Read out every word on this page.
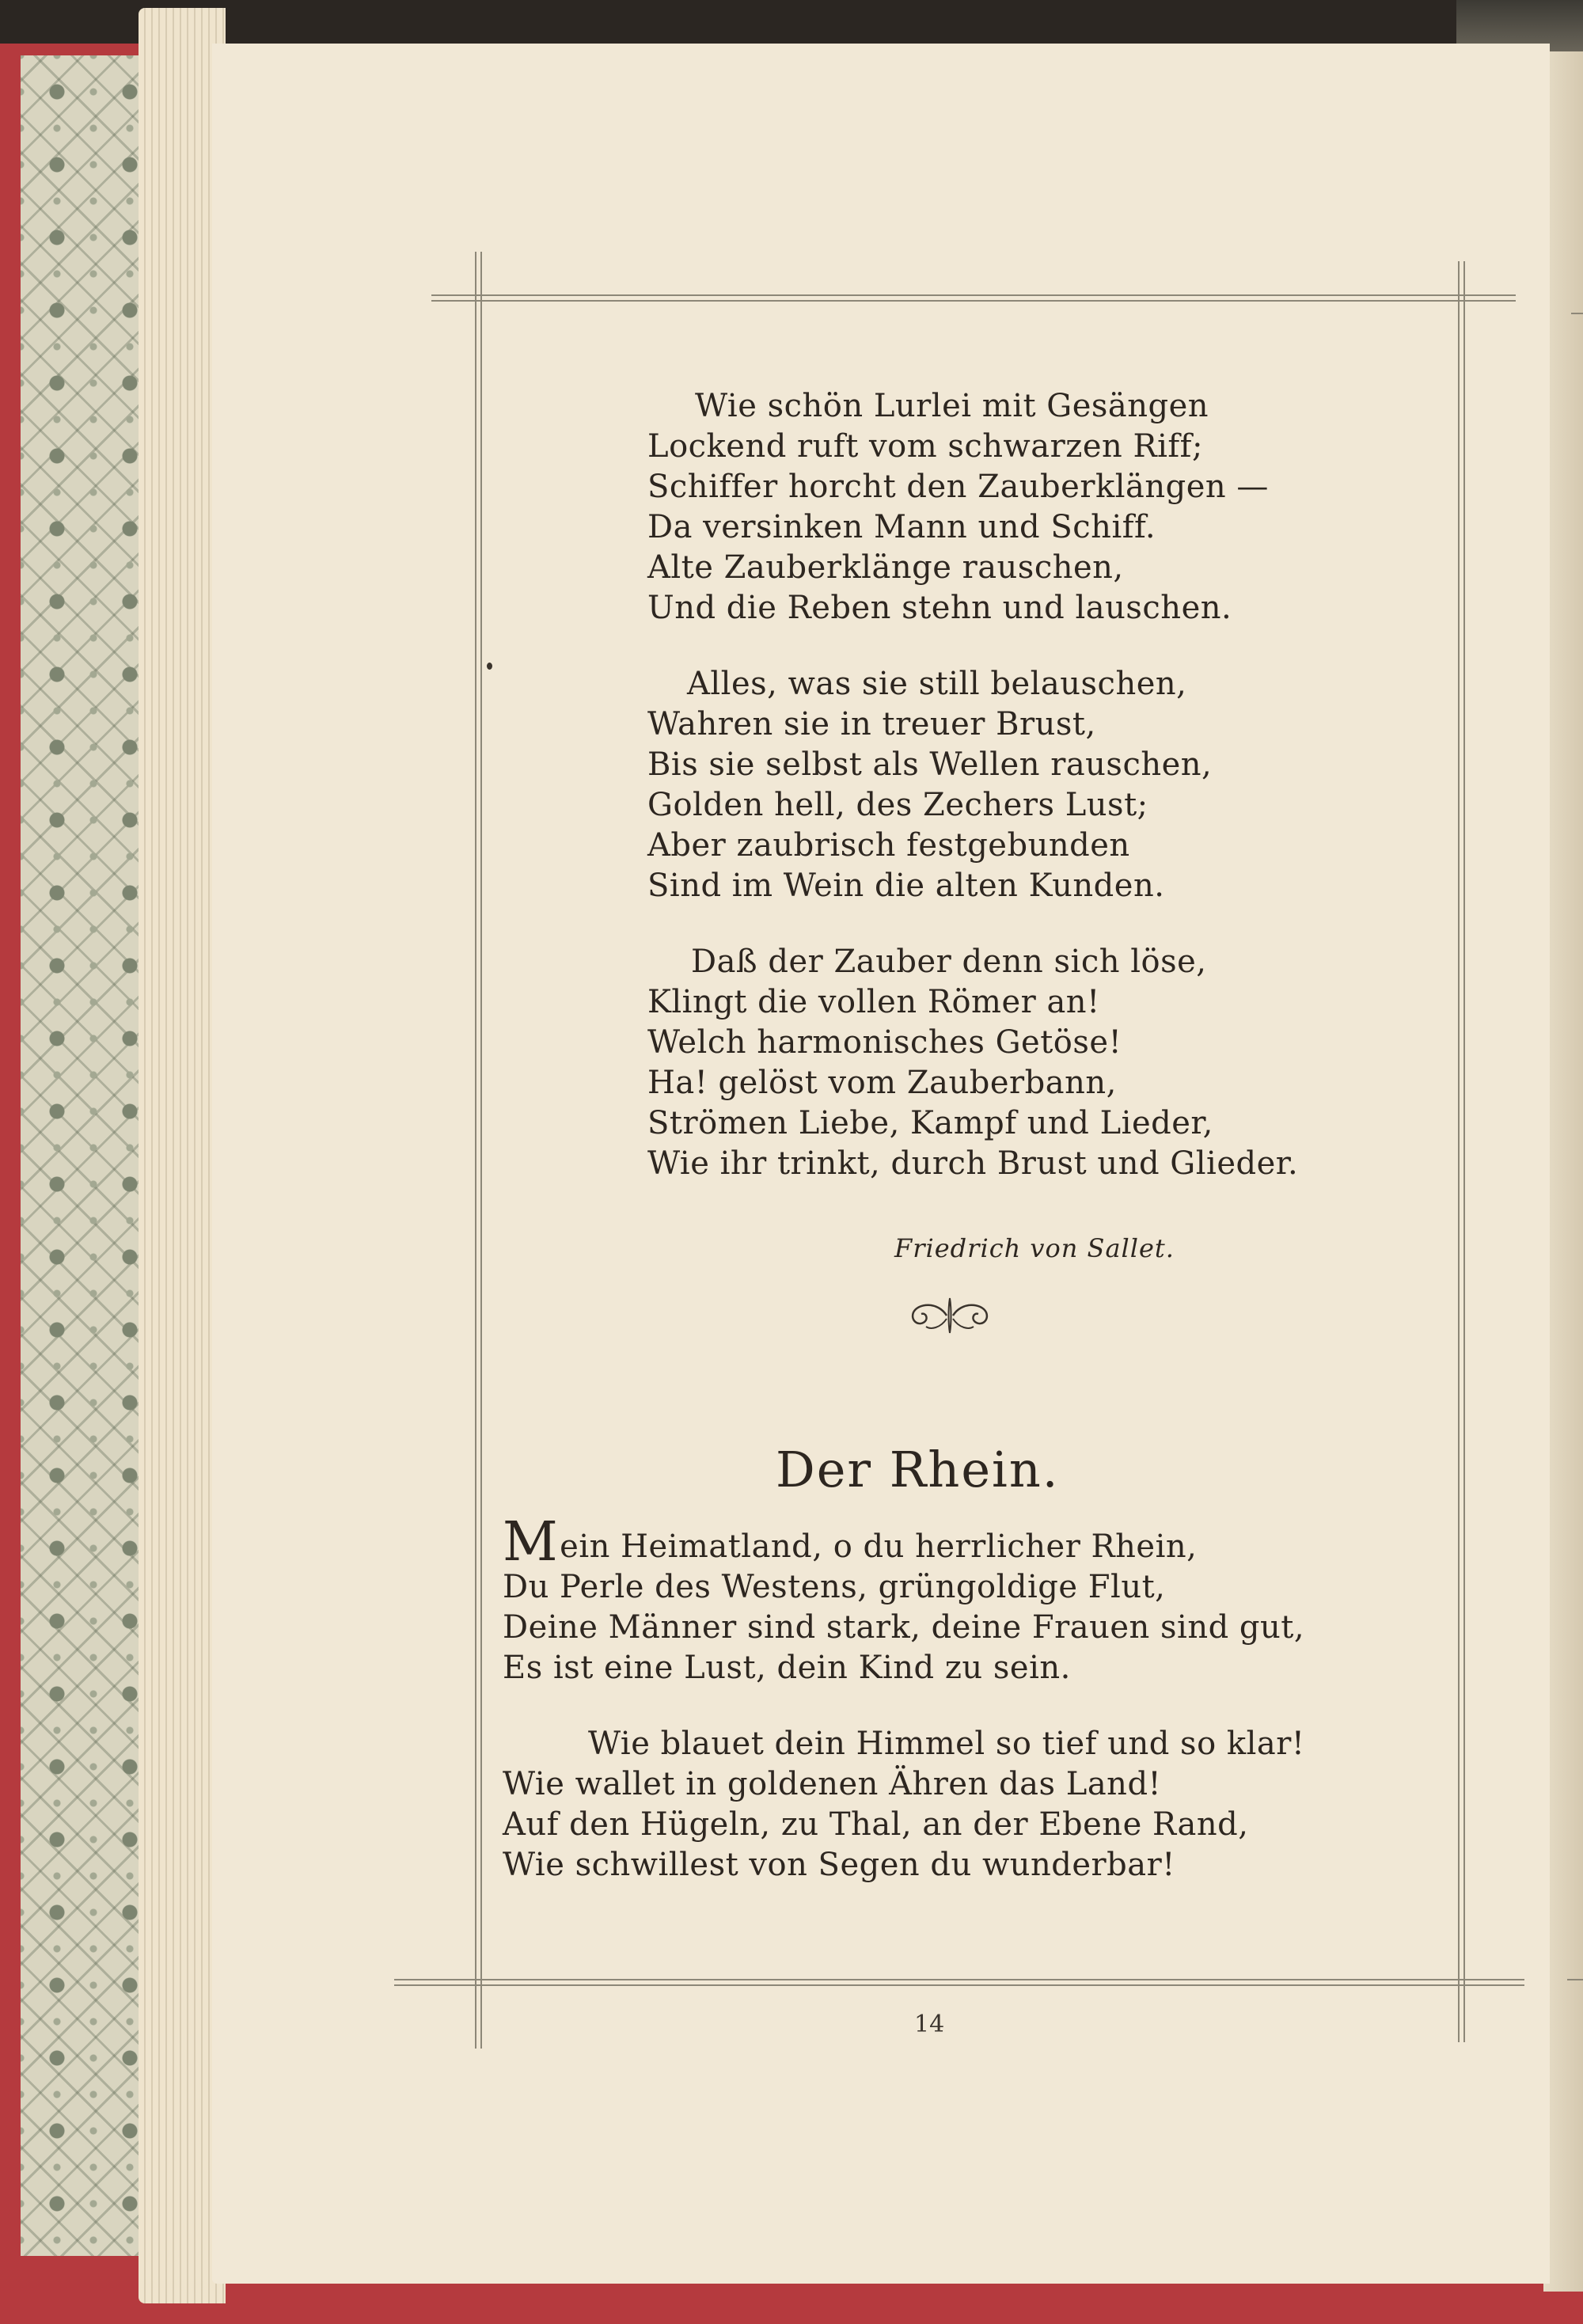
Wie schön Lurlei mit Gesängen
Lockend ruft vom schwarzen Riff;
Schiffer horcht den Zauberklängen —
Da versinken Mann und Schiff.
Alte Zauberklänge rauschen,
Und die Reben stehn und lauschen.
Alles, was sie still belauschen,
Wahren sie in treuer Brust,
Bis sie selbst als Wellen rauschen,
Golden hell, des Zechers Lust;
Aber zaubrisch festgebunden
Sind im Wein die alten Kunden.
Daß der Zauber denn sich löse,
Klingt die vollen Römer an!
Welch harmonisches Getöse!
Ha! gelöst vom Zauberbann,
Strömen Liebe, Kampf und Lieder,
Wie ihr trinkt, durch Brust und Glieder.
Friedrich von Sallet.
Der Rhein.
Mein Heimatland, o du herrlicher Rhein,
Du Perle des Westens, grüngoldige Flut,
Deine Männer sind stark, deine Frauen sind gut,
Es ist eine Lust, dein Kind zu sein.
Wie blauet dein Himmel so tief und so klar!
Wie wallet in goldenen Ähren das Land!
Auf den Hügeln, zu Thal, an der Ebene Rand,
Wie schwillest von Segen du wunderbar!
14
